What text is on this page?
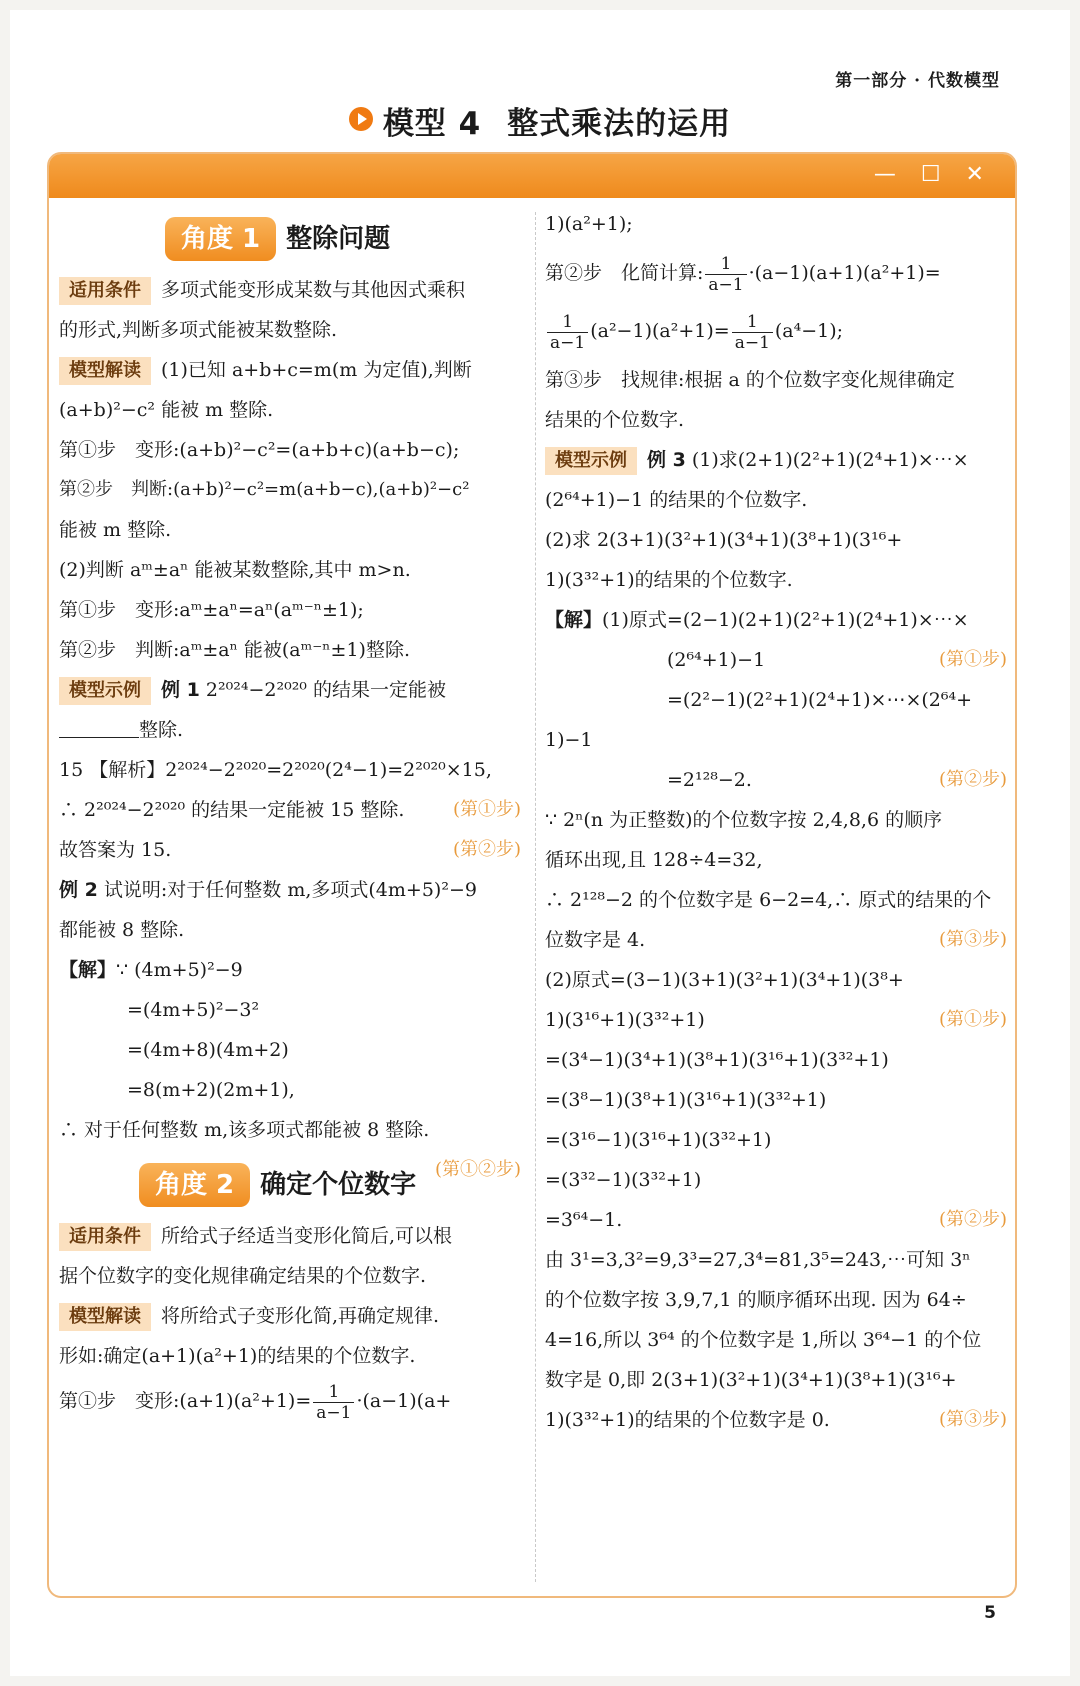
第一部分 · 代数模型
模型 4 整式乘法的运用
— ☐ ✕
角度 1 整除问题
适用条件 多项式能变形成某数与其他因式乘积
的形式,判断多项式能被某数整除.
模型解读 (1)已知 a+b+c=m(m 为定值),判断
(a+b)²−c² 能被 m 整除.
第①步　变形:(a+b)²−c²=(a+b+c)(a+b−c);
第②步　判断:(a+b)²−c²=m(a+b−c),(a+b)²−c²
能被 m 整除.
(2)判断 aᵐ±aⁿ 能被某数整除,其中 m>n.
第①步　变形:aᵐ±aⁿ=aⁿ(aᵐ⁻ⁿ±1);
第②步　判断:aᵐ±aⁿ 能被(aᵐ⁻ⁿ±1)整除.
模型示例 例 1 2²⁰²⁴−2²⁰²⁰ 的结果一定能被
整除.
15 【解析】2²⁰²⁴−2²⁰²⁰=2²⁰²⁰(2⁴−1)=2²⁰²⁰×15,
(第①步)
∴ 2²⁰²⁴−2²⁰²⁰ 的结果一定能被 15 整除.
(第②步)
故答案为 15.
例 2 试说明:对于任何整数 m,多项式(4m+5)²−9
都能被 8 整除.
【解】∵ (4m+5)²−9
=(4m+5)²−3²
=(4m+8)(4m+2)
=8(m+2)(2m+1),
∴ 对于任何整数 m,该多项式都能被 8 整除.
(第①②步)
角度 2 确定个位数字
适用条件 所给式子经适当变形化简后,可以根
据个位数字的变化规律确定结果的个位数字.
模型解读 将所给式子变形化简,再确定规律.
形如:确定(a+1)(a²+1)的结果的个位数字.
第①步　变形:(a+1)(a²+1)= $\frac{1}{a-1} \cdot(a-1)(a+$
1)(a²+1);
第②步　化简计算: $\frac{1}{a-1} \cdot(a-1)(a+1)(a^2+1)=$
$\frac{1}{a-1} (a^2-1)(a^2+1)= \frac{1}{a-1} (a^4-1)$;
第③步　找规律:根据 a 的个位数字变化规律确定
结果的个位数字.
模型示例 例 3 (1)求(2+1)(2²+1)(2⁴+1)×⋯×
(2⁶⁴+1)−1 的结果的个位数字.
(2)求 2(3+1)(3²+1)(3⁴+1)(3⁸+1)(3¹⁶+
1)(3³²+1)的结果的个位数字.
【解】(1)原式=(2−1)(2+1)(2²+1)(2⁴+1)×⋯×
(2⁶⁴+1)−1	(第①步)
=(2²−1)(2²+1)(2⁴+1)×⋯×(2⁶⁴+
1)−1
=2¹²⁸−2.	(第②步)
∵ 2ⁿ(n 为正整数)的个位数字按 2,4,8,6 的顺序
循环出现,且 128÷4=32,
∴ 2¹²⁸−2 的个位数字是 6−2=4,∴ 原式的结果的个
位数字是 4.	(第③步)
(2)原式=(3−1)(3+1)(3²+1)(3⁴+1)(3⁸+
1)(3¹⁶+1)(3³²+1)	(第①步)
=(3⁴−1)(3⁴+1)(3⁸+1)(3¹⁶+1)(3³²+1)
=(3⁸−1)(3⁸+1)(3¹⁶+1)(3³²+1)
=(3¹⁶−1)(3¹⁶+1)(3³²+1)
=(3³²−1)(3³²+1)
=3⁶⁴−1.	(第②步)
由 3¹=3,3²=9,3³=27,3⁴=81,3⁵=243,⋯可知 3ⁿ
的个位数字按 3,9,7,1 的顺序循环出现. 因为 64÷
4=16,所以 3⁶⁴ 的个位数字是 1,所以 3⁶⁴−1 的个位
数字是 0,即 2(3+1)(3²+1)(3⁴+1)(3⁸+1)(3¹⁶+
1)(3³²+1)的结果的个位数字是 0.	(第③步)
5
